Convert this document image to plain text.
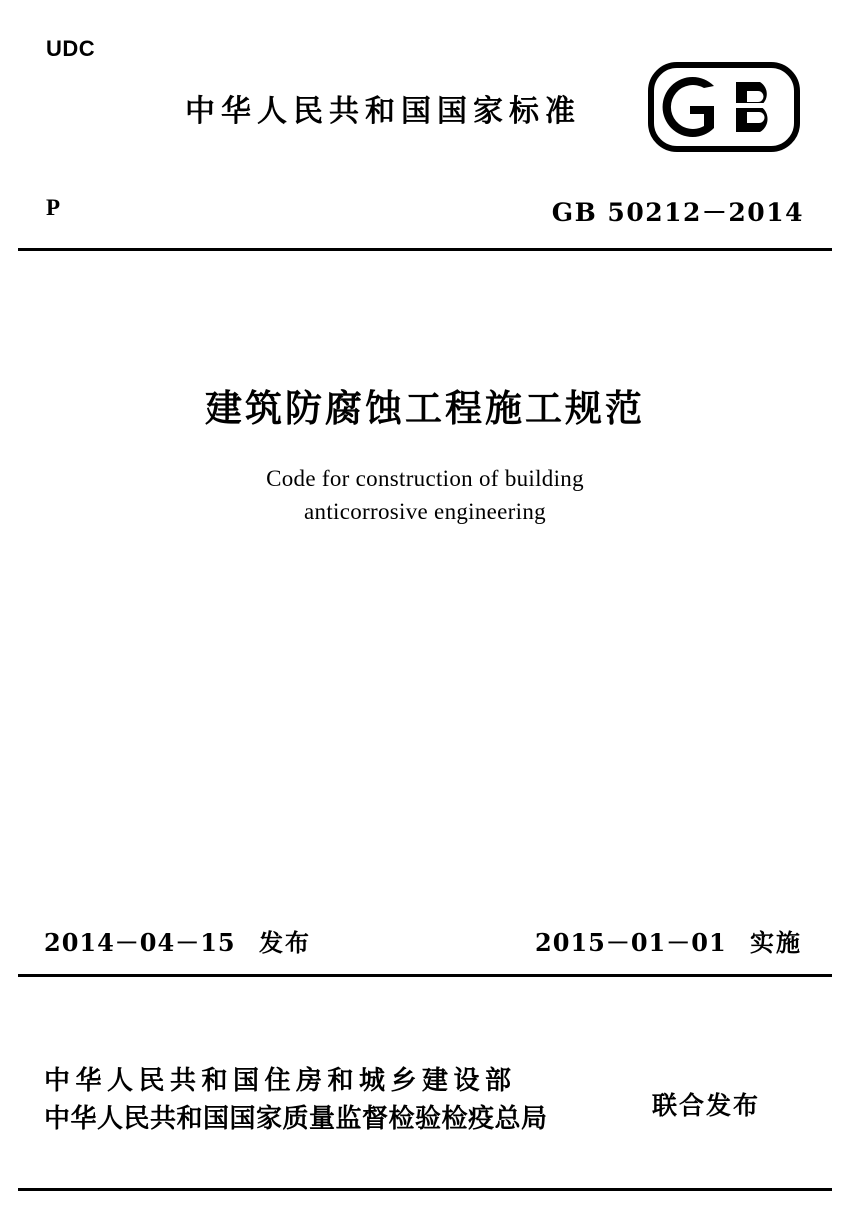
UDC
中华人民共和国国家标准
P	GB 50212－2014
建筑防腐蚀工程施工规范
Code for construction of building
anticorrosive engineering
2014－04－15 发布	2015－01－01 实施
中华人民共和国住房和城乡建设部
中华人民共和国国家质量监督检验检疫总局	联合发布
